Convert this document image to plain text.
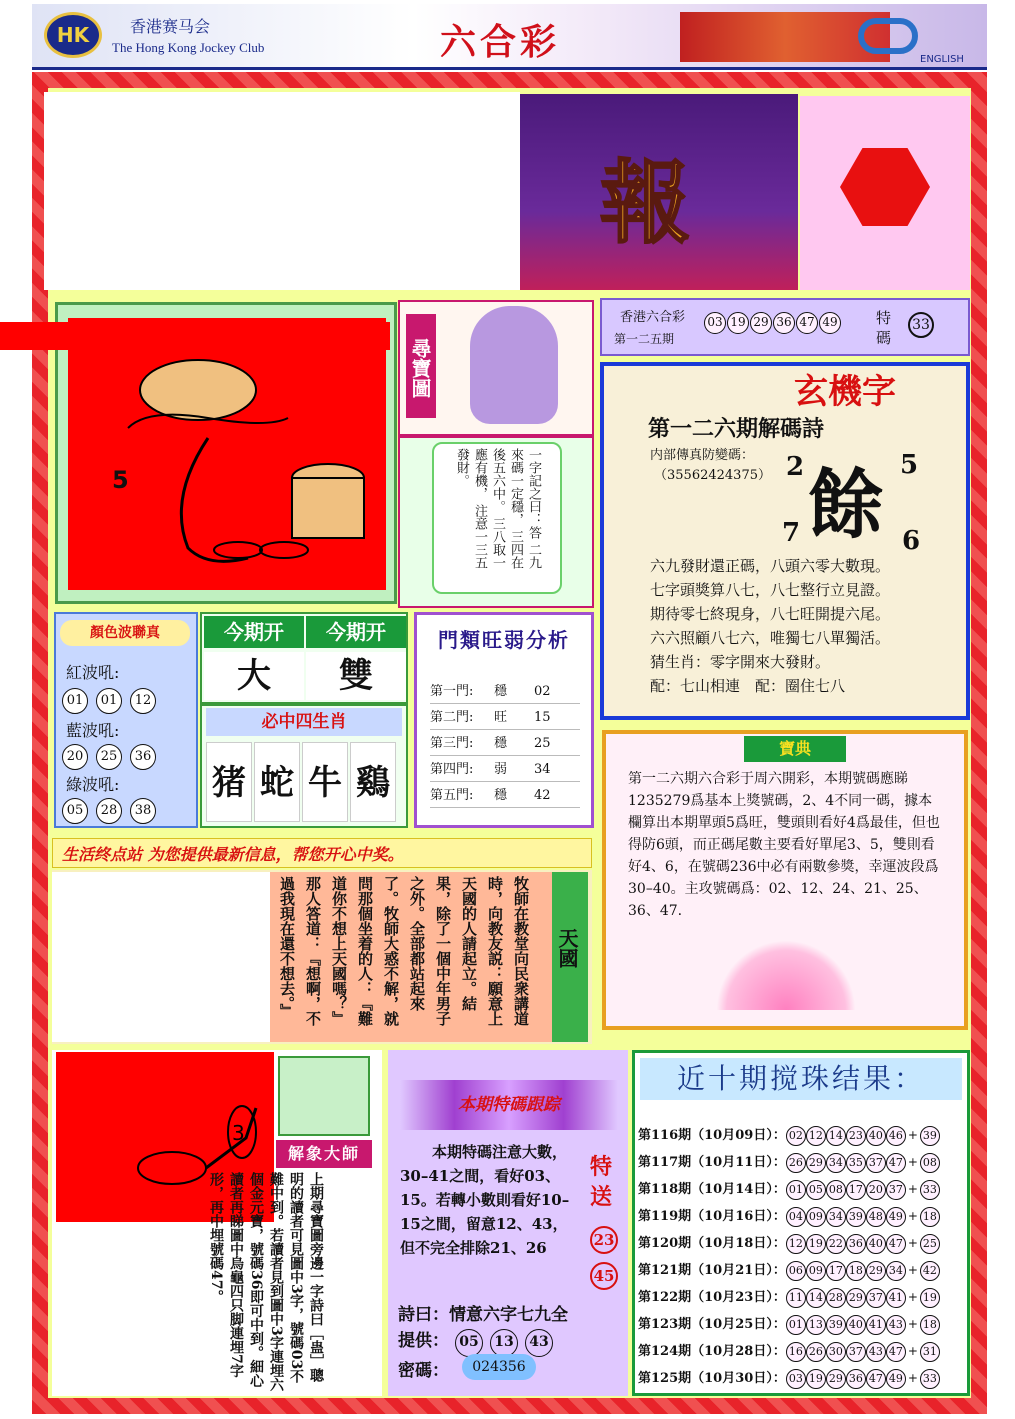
HK	香港赛马会
The Hong Kong Jockey Club	六合彩	ENGLISH
報
5
尋寶圖
一字記之曰：答 二九來碼一定穩， 三四在後五六中。 三八取一應有機， 注意一三五發財。
香港六合彩
第一二五期
03 19 29 36 47 49	特碼
33
玄機字
第一二六期解碼詩
内部傳真防變碼：
（3556242437​5） 餘
2	5
7	6
六九發財還正碼，八頭六零大數現。
七字頭獎算八七，八七整行立見證。
期待零七終現身，八七旺開提六尾。
六六照顧八七六，唯獨七八單獨活。
猜生肖：零字開來大發財。
配：七山相連　配：圈住七八
顏色波聯真
紅波吼:
01 01 12
藍波吼:
20 25 36
綠波吼:
05 28 38
今期开	今期开
大	雙
必中四生肖
猪 蛇 牛 鷄
門類旺弱分析
第一門: 穩 02
第二門: 旺 15
第三門: 穩 25
第四門: 弱 34
第五門: 穩 42
寶典
第一二六期六合彩于周六開彩，本期號碼應睇1235279爲基本上獎號碼，2、4不同一碼，據本欄算出本期單頭5爲旺，雙頭則看好4爲最佳，但也得防6頭，而正碼尾數主要看好單尾3、5，雙則看好4、6，在號碼236中必有兩數參獎，幸運波段爲30–40。主攻號碼爲：02、12、24、21、25、36、47.
生活终点站 为您提供最新信息，帮您开心中奖。
天國
牧師在教堂向民衆講道時，向教友説：願意上天國的人請起立。結果，除了一個中年男子之外。全部都站起來了。牧師大惑不解，就問那個坐着的人：『難道你不想上天國嗎？』那人答道：『想啊，不過我現在還不想去。』
3
解象大師
上期尋寶圖旁邊一字詩曰［蛊］聰明的讀者可見圖中3字，號碼03不難中到。若讀者見到圖中3字連埋六個金元寶，號碼36即可中到。細心讀者再睇圖中烏龜四只脚連埋7字形，再中埋號碼47。
本期特碼跟踪
本期特碼注意大數，30–41之間，看好03、15。若轉小數則看好10–15之間，留意12、43，但不完全排除21、26
特送
23
45
詩曰：情意六字七九全
提供： 05 13 43
密碼：	024356
近十期搅珠结果：
第116期（10月09日）： 02 12 14 23 40 46 + 39
第117期（10月11日）： 26 29 34 35 37 47 + 08
第118期（10月14日）： 01 05 08 17 20 37 + 33
第119期（10月16日）： 04 09 34 39 48 49 + 18
第120期（10月18日）： 12 19 22 36 40 47 + 25
第121期（10月21日）： 06 09 17 18 29 34 + 42
第122期（10月23日）： 11 14 28 29 37 41 + 19
第123期（10月25日）： 01 13 39 40 41 43 + 18
第124期（10月28日）： 16 26 30 37 43 47 + 31
第125期（10月30日）： 03 19 29 36 47 49 + 33
